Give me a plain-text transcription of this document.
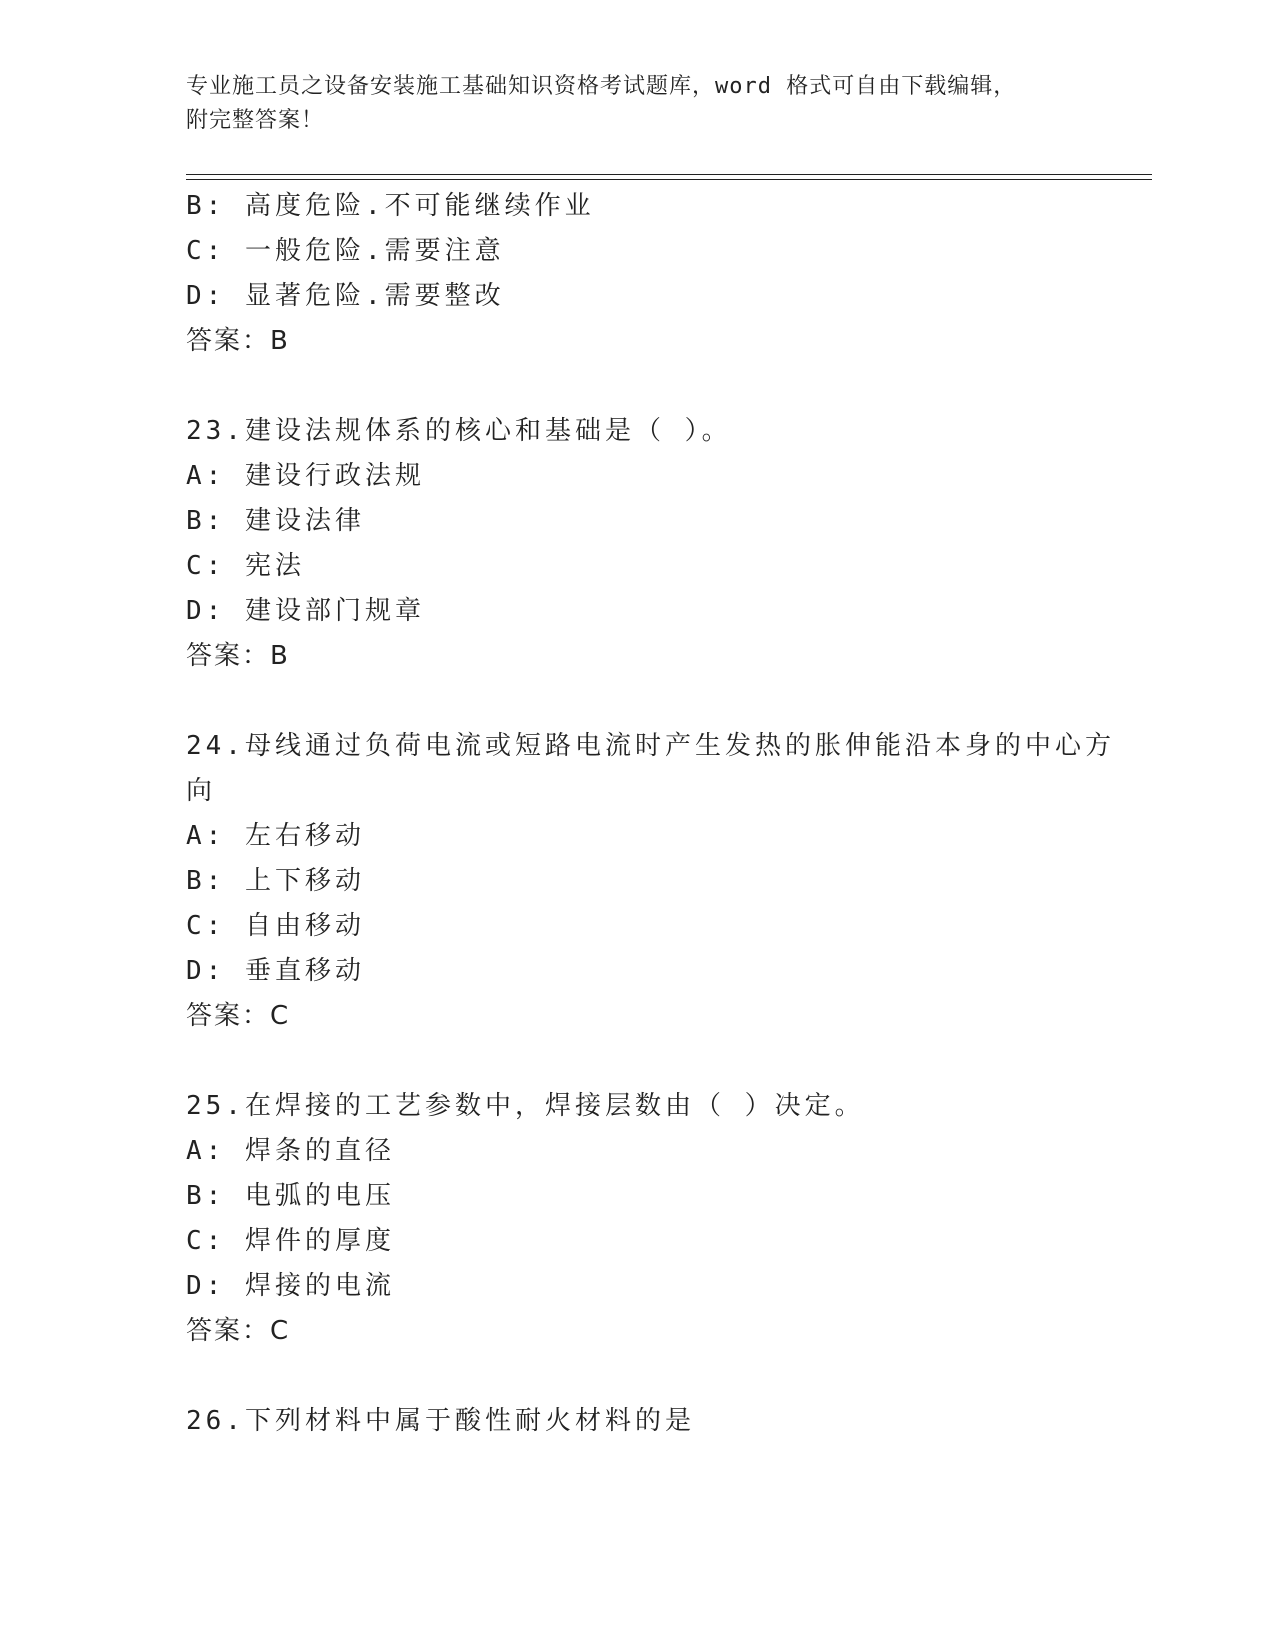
专业施工员之设备安装施工基础知识资格考试题库，word 格式可自由下载编辑，
附完整答案！
B: 高度危险.不可能继续作业
C: 一般危险.需要注意
D: 显著危险.需要整改
答案：B
23.建设法规体系的核心和基础是（ ）。
A: 建设行政法规
B: 建设法律
C: 宪法
D: 建设部门规章
答案：B
24.母线通过负荷电流或短路电流时产生发热的胀伸能沿本身的中心方
向
A: 左右移动
B: 上下移动
C: 自由移动
D: 垂直移动
答案：C
25.在焊接的工艺参数中，焊接层数由（ ）决定。
A: 焊条的直径
B: 电弧的电压
C: 焊件的厚度
D: 焊接的电流
答案：C
26.下列材料中属于酸性耐火材料的是
